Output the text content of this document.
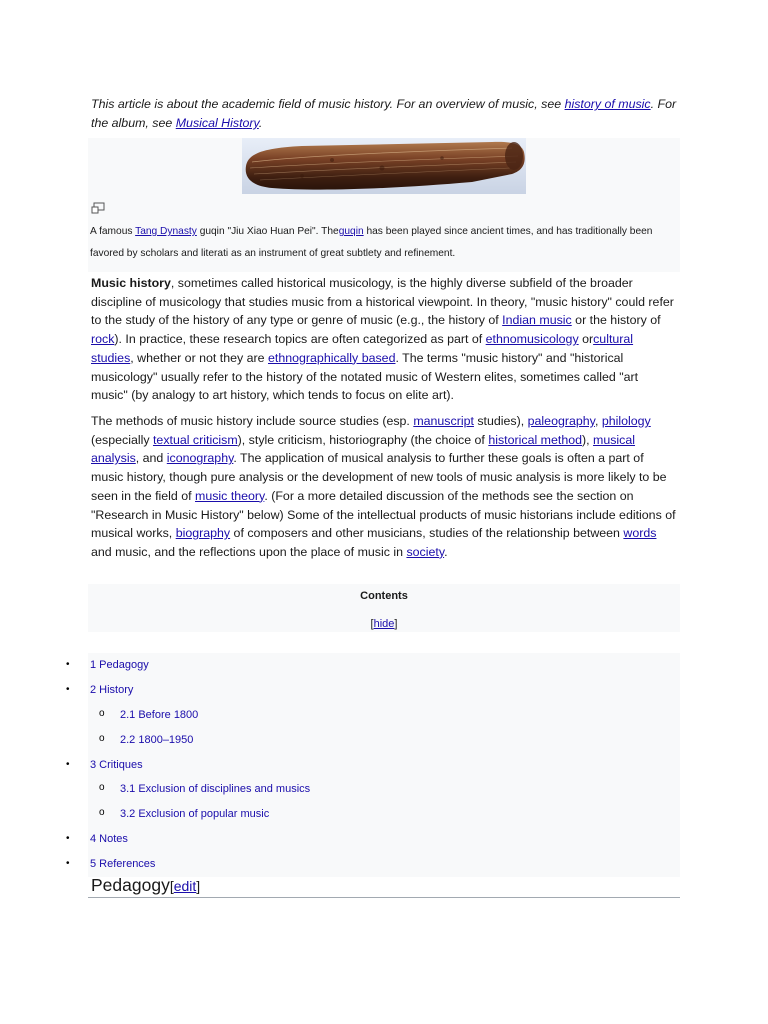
This article is about the academic field of music history. For an overview of music, see history of music. For the album, see Musical History.
A famous Tang Dynasty guqin "Jiu Xiao Huan Pei". Theguqin has been played since ancient times, and has traditionally been favored by scholars and literati as an instrument of great subtlety and refinement.
Music history, sometimes called historical musicology, is the highly diverse subfield of the broader discipline of musicology that studies music from a historical viewpoint. In theory, "music history" could refer to the study of the history of any type or genre of music (e.g., the history of Indian music or the history of rock). In practice, these research topics are often categorized as part of ethnomusicology orcultural studies, whether or not they are ethnographically based. The terms "music history" and "historical musicology" usually refer to the history of the notated music of Western elites, sometimes called "art music" (by analogy to art history, which tends to focus on elite art).
The methods of music history include source studies (esp. manuscript studies), paleography, philology (especially textual criticism), style criticism, historiography (the choice of historical method), musical analysis, and iconography. The application of musical analysis to further these goals is often a part of music history, though pure analysis or the development of new tools of music analysis is more likely to be seen in the field of music theory. (For a more detailed discussion of the methods see the section on "Research in Music History" below) Some of the intellectual products of music historians include editions of musical works, biography of composers and other musicians, studies of the relationship between words and music, and the reflections upon the place of music in society.
Contents
[hide]
• 1 Pedagogy
• 2 History
o 2.1 Before 1800
o 2.2 1800–1950
• 3 Critiques
o 3.1 Exclusion of disciplines and musics
o 3.2 Exclusion of popular music
• 4 Notes
• 5 References
Pedagogy[edit]
